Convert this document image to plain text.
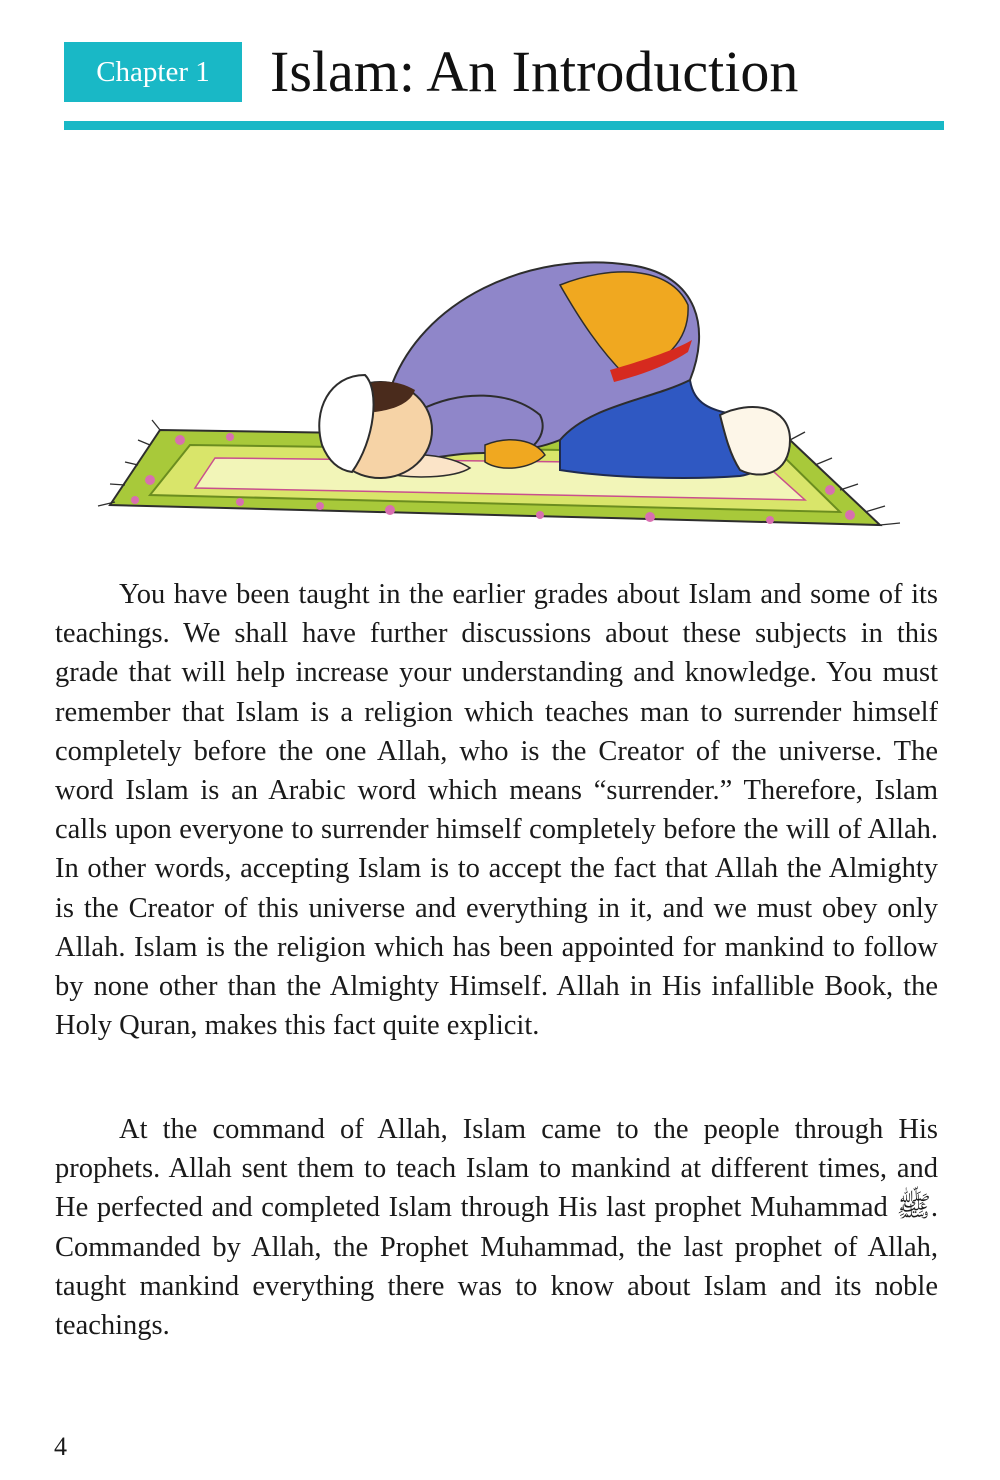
Chapter 1	Islam: An Introduction

You have been taught in the earlier grades about Islam and some of its teachings. We shall have further discussions about these subjects in this grade that will help increase your understanding and knowledge. You must remember that Islam is a religion which teaches man to surrender himself completely before the one Allah, who is the Creator of the universe. The word Islam is an Arabic word which means “surrender.” Therefore, Islam calls upon everyone to surrender himself completely before the will of Allah. In other words, accepting Islam is to accept the fact that Allah the Almighty is the Creator of this universe and everything in it, and we must obey only Allah. Islam is the religion which has been appointed for mankind to follow by none other than the Almighty Himself. Allah in His infallible Book, the Holy Quran, makes this fact quite explicit.

At the command of Allah, Islam came to the people through His prophets. Allah sent them to teach Islam to mankind at different times, and He perfected and completed Islam through His last prophet Muhammad ﷺ. Commanded by Allah, the Prophet Muhammad, the last prophet of Allah, taught mankind everything there was to know about Islam and its noble teachings.

4
